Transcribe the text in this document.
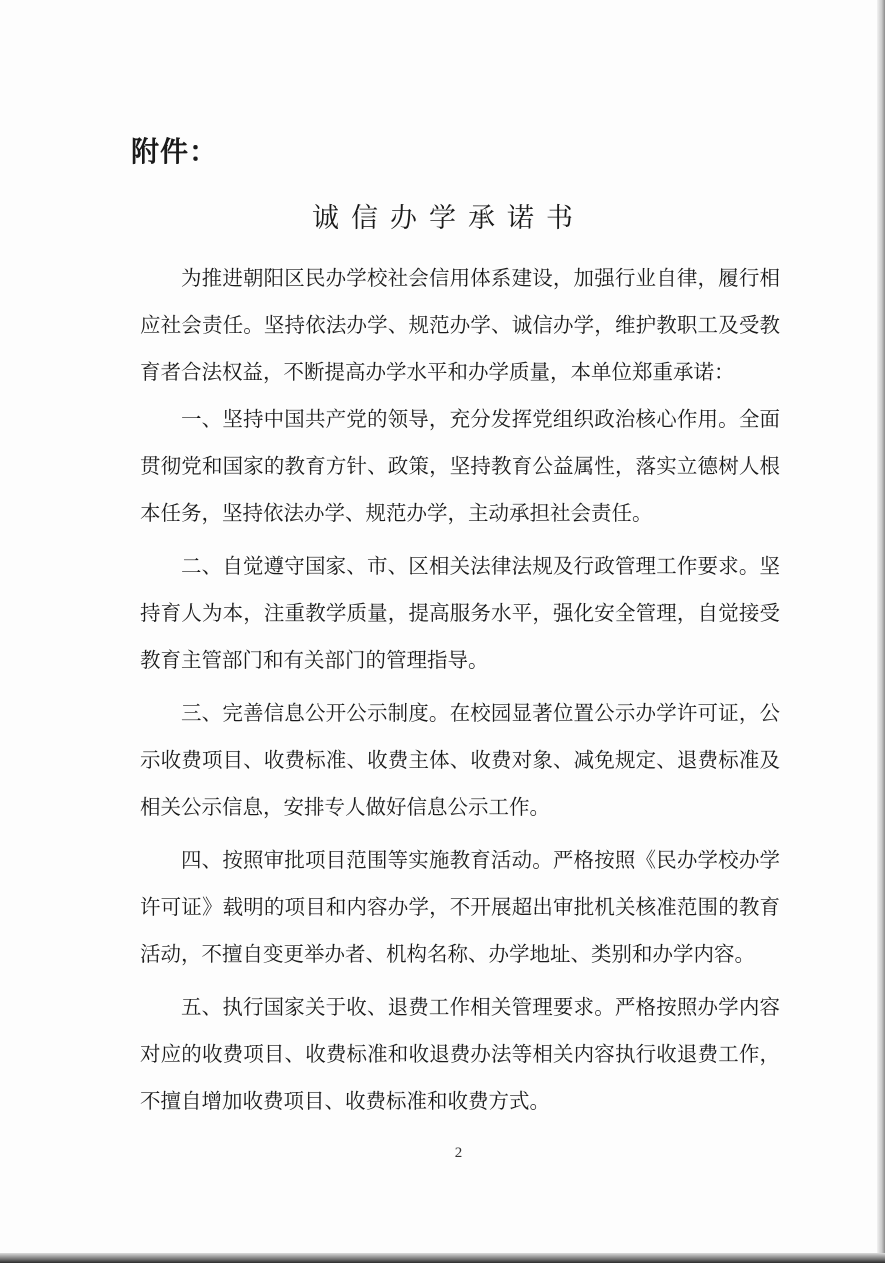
附件：
诚信办学承诺书

为推进朝阳区民办学校社会信用体系建设，加强行业自律，履行相应社会责任。坚持依法办学、规范办学、诚信办学，维护教职工及受教育者合法权益，不断提高办学水平和办学质量，本单位郑重承诺：

一、坚持中国共产党的领导，充分发挥党组织政治核心作用。全面贯彻党和国家的教育方针、政策，坚持教育公益属性，落实立德树人根本任务，坚持依法办学、规范办学，主动承担社会责任。

二、自觉遵守国家、市、区相关法律法规及行政管理工作要求。坚持育人为本，注重教学质量，提高服务水平，强化安全管理，自觉接受教育主管部门和有关部门的管理指导。

三、完善信息公开公示制度。在校园显著位置公示办学许可证，公示收费项目、收费标准、收费主体、收费对象、减免规定、退费标准及相关公示信息，安排专人做好信息公示工作。

四、按照审批项目范围等实施教育活动。严格按照《民办学校办学许可证》载明的项目和内容办学，不开展超出审批机关核准范围的教育活动，不擅自变更举办者、机构名称、办学地址、类别和办学内容。

五、执行国家关于收、退费工作相关管理要求。严格按照办学内容对应的收费项目、收费标准和收退费办法等相关内容执行收退费工作，不擅自增加收费项目、收费标准和收费方式。

2
